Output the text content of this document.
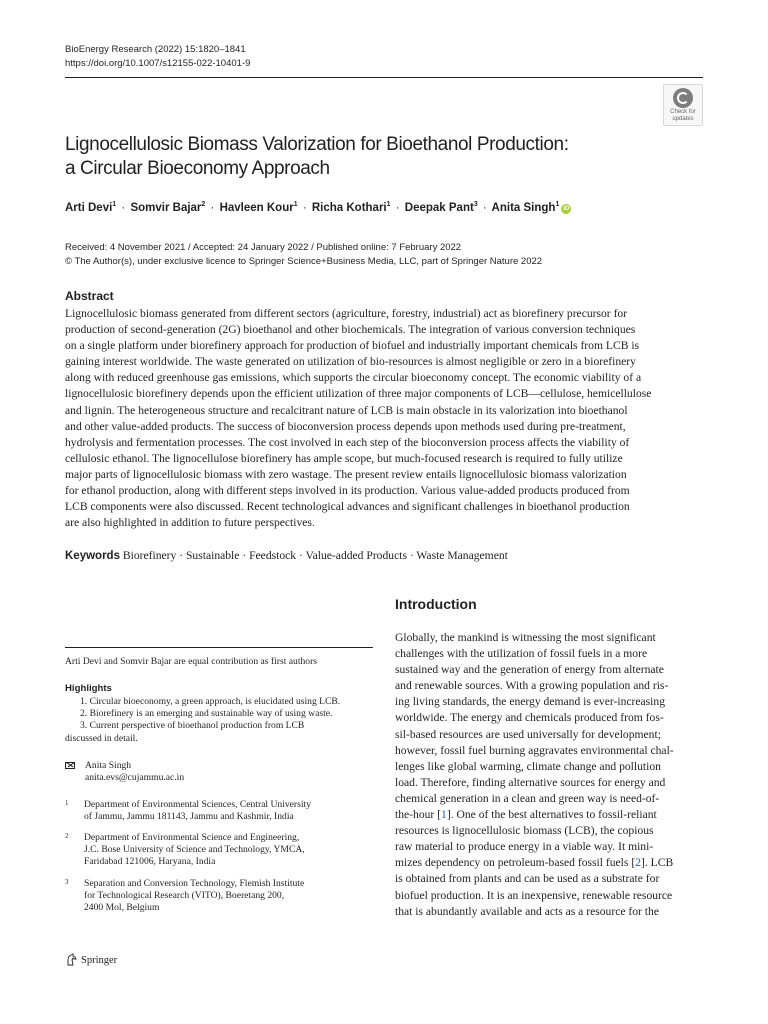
BioEnergy Research (2022) 15:1820–1841
https://doi.org/10.1007/s12155-022-10401-9
Check for
updates
Lignocellulosic Biomass Valorization for Bioethanol Production:
a Circular Bioeconomy Approach
Arti Devi$^1$ · Somvir Bajar$^2$ · Havleen Kour$^1$ · Richa Kothari$^1$ · Deepak Pant$^3$ · Anita Singh$^1$iD
Received: 4 November 2021 / Accepted: 24 January 2022 / Published online: 7 February 2022
© The Author(s), under exclusive licence to Springer Science+Business Media, LLC, part of Springer Nature 2022
Abstract
Lignocellulosic biomass generated from different sectors (agriculture, forestry, industrial) act as biorefinery precursor for
production of second-generation (2G) bioethanol and other biochemicals. The integration of various conversion techniques
on a single platform under biorefinery approach for production of biofuel and industrially important chemicals from LCB is
gaining interest worldwide. The waste generated on utilization of bio-resources is almost negligible or zero in a biorefinery
along with reduced greenhouse gas emissions, which supports the circular bioeconomy concept. The economic viability of a
lignocellulosic biorefinery depends upon the efficient utilization of three major components of LCB—cellulose, hemicellulose
and lignin. The heterogeneous structure and recalcitrant nature of LCB is main obstacle in its valorization into bioethanol
and other value-added products. The success of bioconversion process depends upon methods used during pre-treatment,
hydrolysis and fermentation processes. The cost involved in each step of the bioconversion process affects the viability of
cellulosic ethanol. The lignocellulose biorefinery has ample scope, but much-focused research is required to fully utilize
major parts of lignocellulosic biomass with zero wastage. The present review entails lignocellulosic biomass valorization
for ethanol production, along with different steps involved in its production. Various value-added products produced from
LCB components were also discussed. Recent technological advances and significant challenges in bioethanol production
are also highlighted in addition to future perspectives.
Keywords Biorefinery · Sustainable · Feedstock · Value-added Products · Waste Management
Introduction
Globally, the mankind is witnessing the most significant
challenges with the utilization of fossil fuels in a more
sustained way and the generation of energy from alternate
and renewable sources. With a growing population and ris-
ing living standards, the energy demand is ever-increasing
worldwide. The energy and chemicals produced from fos-
sil-based resources are used universally for development;
however, fossil fuel burning aggravates environmental chal-
lenges like global warming, climate change and pollution
load. Therefore, finding alternative sources for energy and
chemical generation in a clean and green way is need-of-
the-hour [1]. One of the best alternatives to fossil-reliant
resources is lignocellulosic biomass (LCB), the copious
raw material to produce energy in a viable way. It mini-
mizes dependency on petroleum-based fossil fuels [2]. LCB
is obtained from plants and can be used as a substrate for
biofuel production. It is an inexpensive, renewable resource
that is abundantly available and acts as a resource for the
Arti Devi and Somvir Bajar are equal contribution as first authors
Highlights
1. Circular bioeconomy, a green approach, is elucidated using LCB.
2. Biorefinery is an emerging and sustainable way of using waste.
3. Current perspective of bioethanol production from LCB
discussed in detail.
Anita Singh
anita.evs@cujammu.ac.in
1 Department of Environmental Sciences, Central University
of Jammu, Jammu 181143, Jammu and Kashmir, India
2 Department of Environmental Science and Engineering,
J.C. Bose University of Science and Technology, YMCA,
Faridabad 121006, Haryana, India
3 Separation and Conversion Technology, Flemish Institute
for Technological Research (VITO), Boeretang 200,
2400 Mol, Belgium
Springer
